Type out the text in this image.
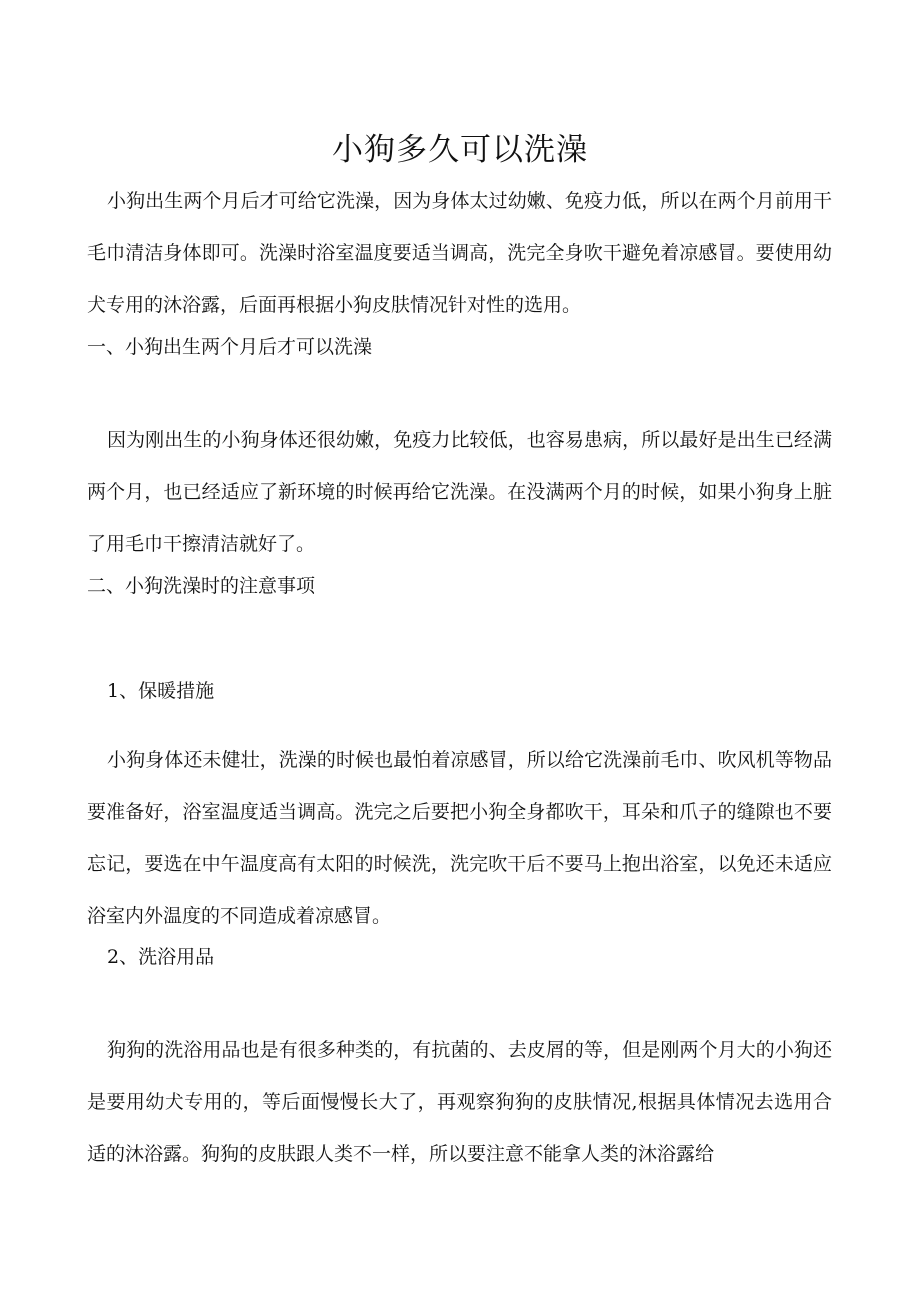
小狗多久可以洗澡

小狗出生两个月后才可给它洗澡，因为身体太过幼嫩、免疫力低，所以在两个月前用干毛巾清洁身体即可。洗澡时浴室温度要适当调高，洗完全身吹干避免着凉感冒。要使用幼犬专用的沐浴露，后面再根据小狗皮肤情况针对性的选用。

一、小狗出生两个月后才可以洗澡

因为刚出生的小狗身体还很幼嫩，免疫力比较低，也容易患病，所以最好是出生已经满两个月，也已经适应了新环境的时候再给它洗澡。在没满两个月的时候，如果小狗身上脏了用毛巾干擦清洁就好了。

二、小狗洗澡时的注意事项

1、保暖措施

小狗身体还未健壮，洗澡的时候也最怕着凉感冒，所以给它洗澡前毛巾、吹风机等物品要准备好，浴室温度适当调高。洗完之后要把小狗全身都吹干，耳朵和爪子的缝隙也不要忘记，要选在中午温度高有太阳的时候洗，洗完吹干后不要马上抱出浴室，以免还未适应浴室内外温度的不同造成着凉感冒。

2、洗浴用品

狗狗的洗浴用品也是有很多种类的，有抗菌的、去皮屑的等，但是刚两个月大的小狗还是要用幼犬专用的，等后面慢慢长大了，再观察狗狗的皮肤情况,根据具体情况去选用合适的沐浴露。狗狗的皮肤跟人类不一样，所以要注意不能拿人类的沐浴露给
